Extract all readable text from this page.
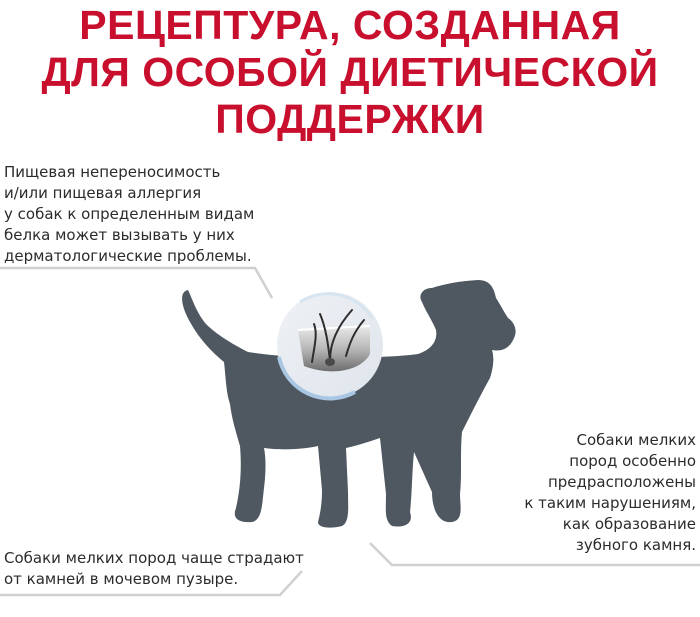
РЕЦЕПТУРА, СОЗДАННАЯ
ДЛЯ ОСОБОЙ ДИЕТИЧЕСКОЙ
ПОДДЕРЖКИ
Пищевая непереносимость
и/или пищевая аллергия
у собак к определенным видам
белка может вызывать у них
дерматологические проблемы.
Собаки мелких
пород особенно
предрасположены
к таким нарушениям,
как образование
зубного камня.
Собаки мелких пород чаще страдают
от камней в мочевом пузыре.
